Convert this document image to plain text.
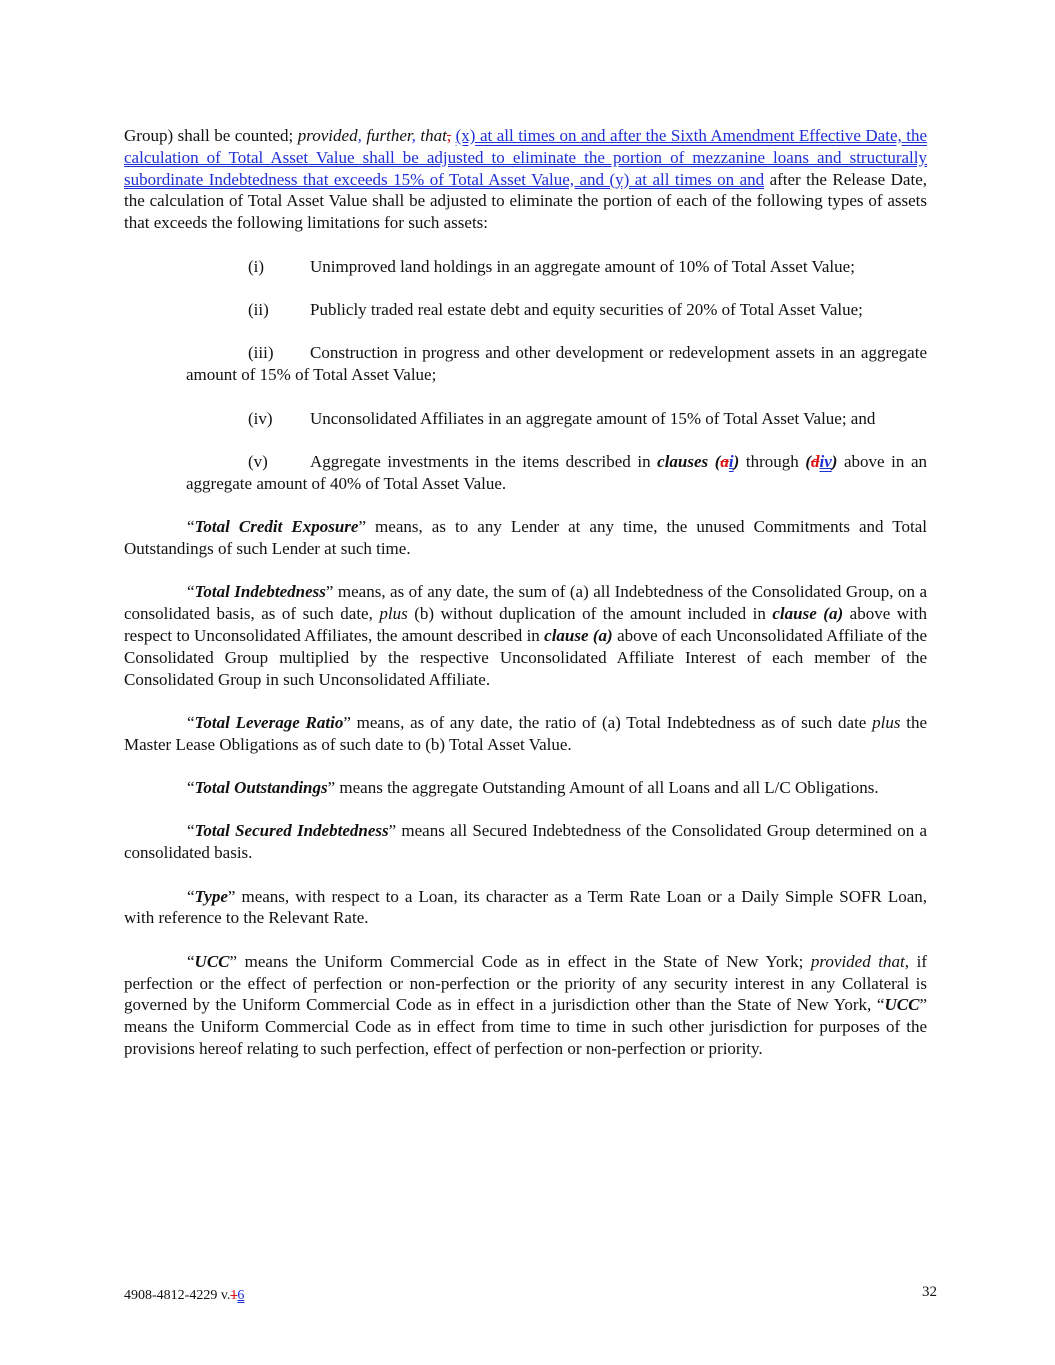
Group) shall be counted; provided, further, that, (x) at all times on and after the Sixth Amendment Effective Date, the calculation of Total Asset Value shall be adjusted to eliminate the portion of mezzanine loans and structurally subordinate Indebtedness that exceeds 15% of Total Asset Value, and (y) at all times on and after the Release Date, the calculation of Total Asset Value shall be adjusted to eliminate the portion of each of the following types of assets that exceeds the following limitations for such assets:

(i)	Unimproved land holdings in an aggregate amount of 10% of Total Asset Value;

(ii) Publicly traded real estate debt and equity securities of 20% of Total Asset Value;

(iii) Construction in progress and other development or redevelopment assets in an aggregate amount of 15% of Total Asset Value;

(iv) Unconsolidated Affiliates in an aggregate amount of 15% of Total Asset Value; and

(v) Aggregate investments in the items described in clauses (ai) through (div) above in an aggregate amount of 40% of Total Asset Value.

“Total Credit Exposure” means, as to any Lender at any time, the unused Commitments and Total Outstandings of such Lender at such time.

“Total Indebtedness” means, as of any date, the sum of (a) all Indebtedness of the Consolidated Group, on a consolidated basis, as of such date, plus (b) without duplication of the amount included in clause (a) above with respect to Unconsolidated Affiliates, the amount described in clause (a) above of each Unconsolidated Affiliate of the Consolidated Group multiplied by the respective Unconsolidated Affiliate Interest of each member of the Consolidated Group in such Unconsolidated Affiliate.

“Total Leverage Ratio” means, as of any date, the ratio of (a) Total Indebtedness as of such date plus the Master Lease Obligations as of such date to (b) Total Asset Value.

“Total Outstandings” means the aggregate Outstanding Amount of all Loans and all L/C Obligations.

“Total Secured Indebtedness” means all Secured Indebtedness of the Consolidated Group determined on a consolidated basis.

“Type” means, with respect to a Loan, its character as a Term Rate Loan or a Daily Simple SOFR Loan, with reference to the Relevant Rate.

“UCC” means the Uniform Commercial Code as in effect in the State of New York; provided that, if perfection or the effect of perfection or non-perfection or the priority of any security interest in any Collateral is governed by the Uniform Commercial Code as in effect in a jurisdiction other than the State of New York, “UCC” means the Uniform Commercial Code as in effect from time to time in such other jurisdiction for purposes of the provisions hereof relating to such perfection, effect of perfection or non-perfection or priority.

4908-4812-4229 v.16	32
